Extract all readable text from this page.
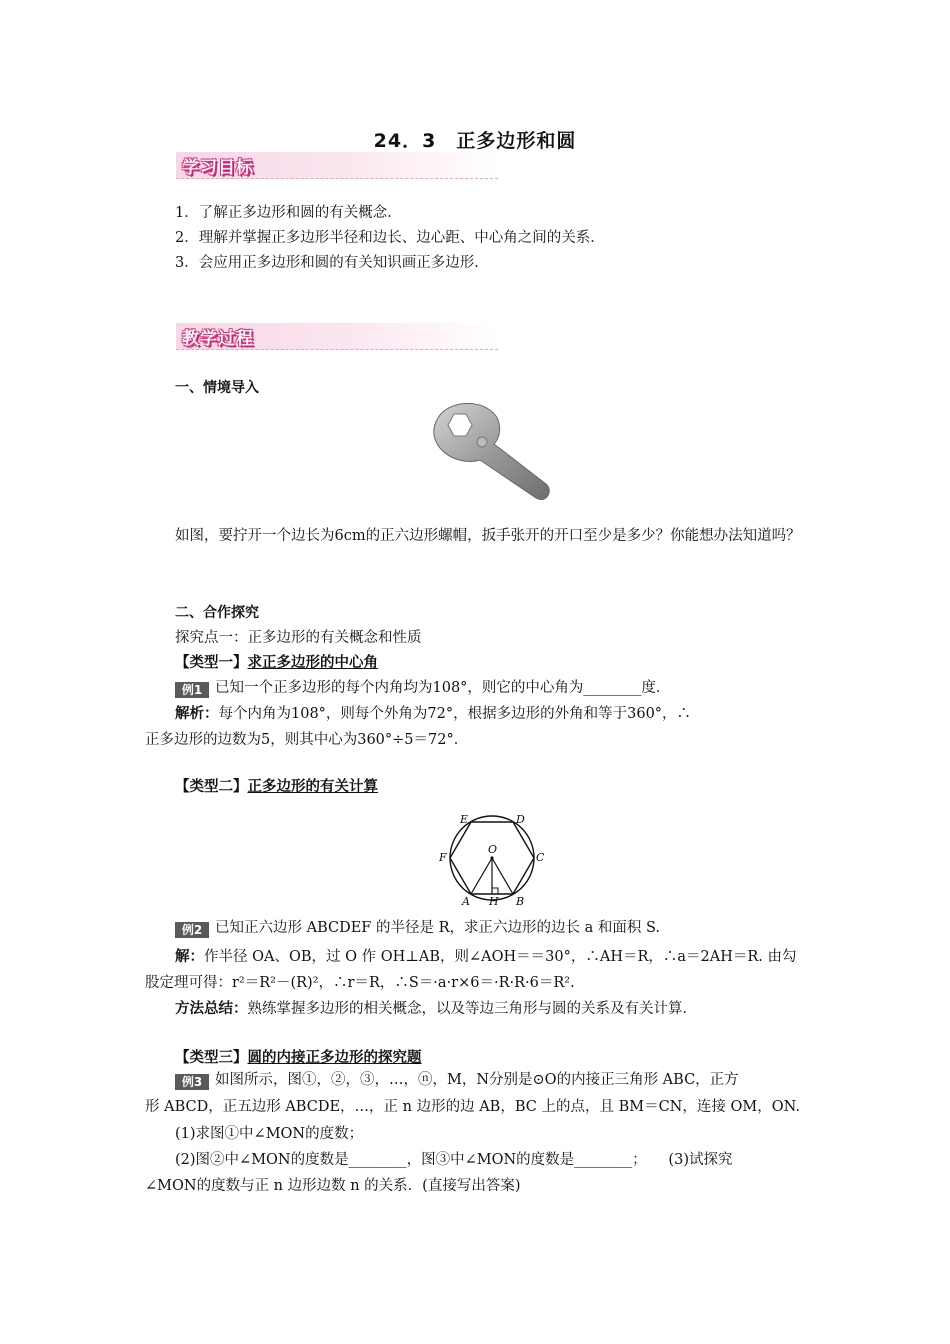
24．3　正多边形和圆
学习目标
1．了解正多边形和圆的有关概念．
2．理解并掌握正多边形半径和边长、边心距、中心角之间的关系．
3．会应用正多边形和圆的有关知识画正多边形．
教学过程
一、情境导入
如图，要拧开一个边长为6cm的正六边形螺帽，扳手张开的开口至少是多少？你能想办法知道吗？
二、合作探究
探究点一：正多边形的有关概念和性质
【类型一】求正多边形的中心角
例1 已知一个正多边形的每个内角均为108°，则它的中心角为________度．
解析：每个内角为108°，则每个外角为72°，根据多边形的外角和等于360°，∴
正多边形的边数为5，则其中心为360°÷5＝72°．
【类型二】正多边形的有关计算
E	D
O
F	C
A H B
例2 已知正六边形 ABCDEF 的半径是 R，求正六边形的边长 a 和面积 S.
解：作半径 OA、OB，过 O 作 OH⊥AB，则∠AOH＝＝30°，∴AH＝R，∴a＝2AH＝R. 由勾
股定理可得：r²＝R²－(R)²，∴r＝R，∴S＝·a·r×6＝·R·R·6＝R².
方法总结：熟练掌握多边形的相关概念，以及等边三角形与圆的关系及有关计算．
【类型三】圆的内接正多边形的探究题
例3 如图所示，图①，②，③，…，ⓝ，M，N分别是⊙O的内接正三角形 ABC，正方
形 ABCD，正五边形 ABCDE，…，正 n 边形的边 AB，BC 上的点，且 BM＝CN，连接 OM，ON.
(1)求图①中∠MON的度数；
(2)图②中∠MON的度数是________，图③中∠MON的度数是________；　　(3)试探究
∠MON的度数与正 n 边形边数 n 的关系．(直接写出答案)
